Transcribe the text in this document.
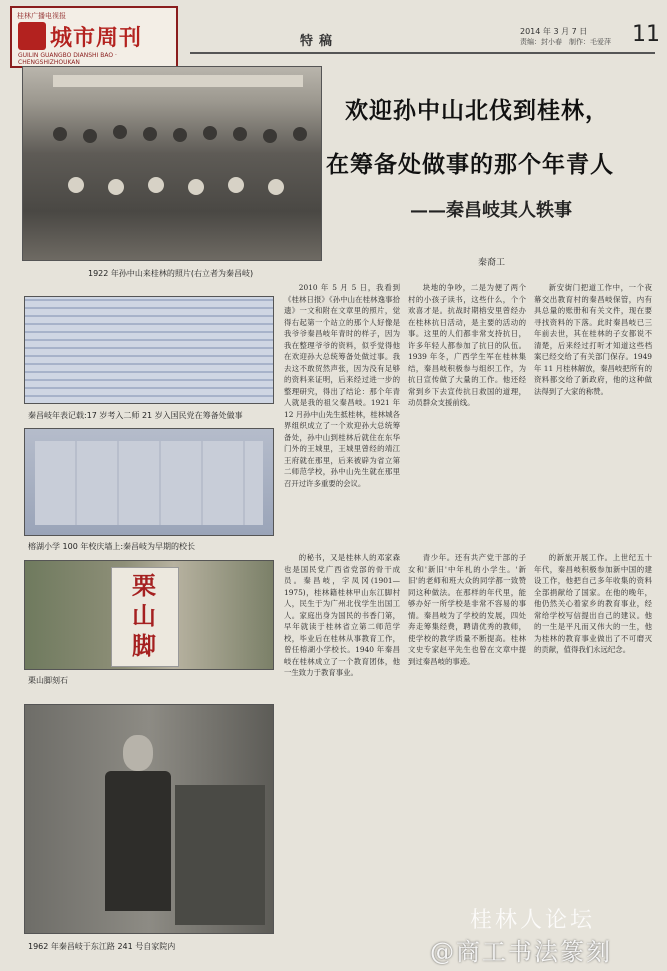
桂林广播电视报
城市周刊
GUILIN GUANGBO DIANSHI BAO · CHENGSHIZHOUKAN
特稿
2014 年 3 月 7 日
责编：封小春　制作：毛爱萍 11
1922 年孙中山来桂林的照片(右立者为秦昌岐)
欢迎孙中山北伐到桂林，
在筹备处做事的那个年青人
——秦昌岐其人轶事
秦裔工
秦昌岐年表记载:17 岁考入二师 21 岁入国民党在筹备处做事
榕湖小学 100 年校庆墙上:秦昌岐为早期的校长
栗山脚
栗山脚刻石
1962 年秦昌岐于东江路 241 号自家院内

2010 年 5 月 5 日，我看到《桂林日报》《孙中山在桂林逸事拾遗》一文和附在文章里的照片，觉得右起第一个站立的那个人好像是我爷爷秦昌岐年青时的样子，因为我在整理爷爷的资料，似乎觉得他在欢迎孙大总统筹备处做过事。我去这不敢贸然声张，因为没有足够的资料来证明，后来经过进一步的整理研究，得出了结论：那个年青人就是我的祖父秦昌岐。1921 年 12 月孙中山先生抵桂林，桂林城各界组织成立了一个欢迎孙大总统筹备处，孙中山到桂林后就住在东华门外的王城里，王城里曾经的靖江王府就在那里，后来被辟为省立第二师范学校，孙中山先生就在那里召开过许多重要的会议。

块地的争吵，二是为便了两个村的小孩子读书，这些什么，个个欢喜才是。抗战时期榕安里曾经办在桂林抗日活动，是主要的活动的事。这里的人们都非常支持抗日，许多年轻人都参加了抗日的队伍。1939 年冬，广西学生军在桂林集结，秦昌岐积极参与组织工作，为抗日宣传做了大量的工作。他还经常到乡下去宣传抗日救国的道理，动员群众支援前线。

新安街门把道工作中，一个夜幕交出教育村的秦昌岐保管，内有具总量的账册和有关文件，现在要寻找资料的下落。此时秦昌岐已三年前去世，其在桂林的子女都说不清楚，后来经过打听才知道这些档案已经交给了有关部门保存。1949 年 11 月桂林解放，秦昌岐把所有的资料都交给了新政府，他的这种做法得到了大家的称赞。

的秘书，又是桂林人的邓家森也是国民党广西省党部的骨干成员。秦昌岐，字凤冈(1901—1975)，桂林籍桂林甲山东江脚村人，民生于为广州北伐学生出国工人。家庭出身为国民的书香门第，早年就读于桂林省立第二师范学校，毕业后在桂林从事教育工作，曾任榕湖小学校长。1940 年秦昌岐在桂林成立了一个教育团体，他一生致力于教育事业。

青少年。还有共产党干部的子女和'新旧'中年札的小学生。'新旧'的老师和班大众的同学都一致赞同这种做法。在那样的年代里，能够办好一所学校是非常不容易的事情。秦昌岐为了学校的发展，四处奔走筹集经费，聘请优秀的教师，使学校的教学质量不断提高。桂林文史专家赵平先生也曾在文章中提到过秦昌岐的事迹。

的新旅开展工作。上世纪五十年代，秦昌岐积极参加新中国的建设工作，他把自己多年收集的资料全部捐献给了国家。在他的晚年，他仍然关心着家乡的教育事业，经常给学校写信提出自己的建议。他的一生是平凡而又伟大的一生，他为桂林的教育事业做出了不可磨灭的贡献，值得我们永远纪念。

桂林人论坛
@商工书法篆刻
